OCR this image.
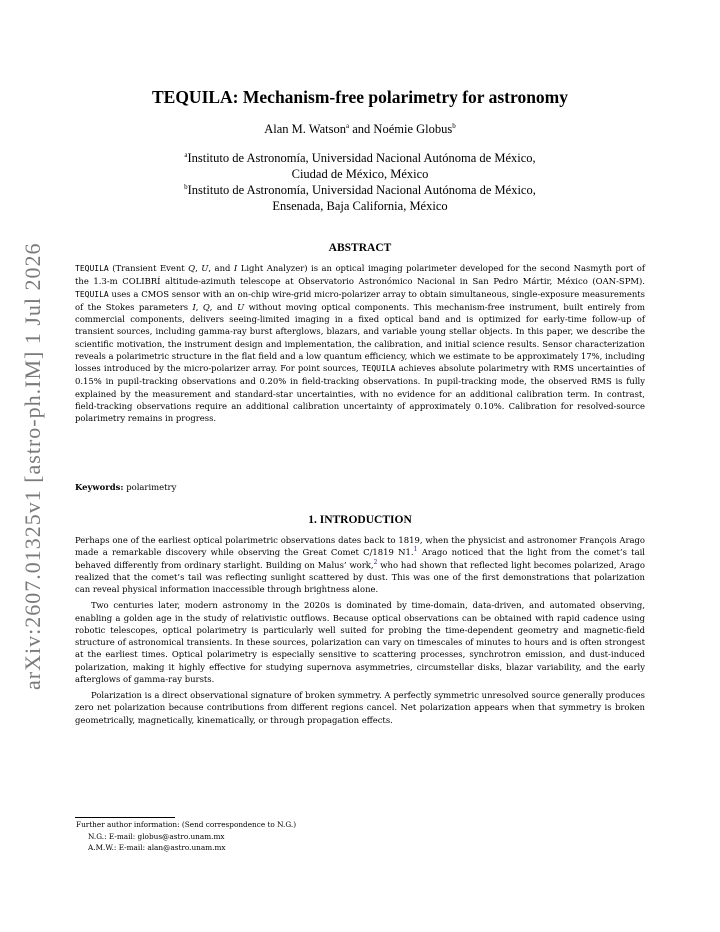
arXiv:2607.01325v1 [astro-ph.IM] 1 Jul 2026
TEQUILA: Mechanism-free polarimetry for astronomy
Alan M. Watson$^a$ and Noémie Globus$^b$
$^a$Instituto de Astronomía, Universidad Nacional Autónoma de México,
Ciudad de México, México
$^b$Instituto de Astronomía, Universidad Nacional Autónoma de México,
Ensenada, Baja California, México
ABSTRACT
TEQUILA (Transient Event Q, U, and I Light Analyzer) is an optical imaging polarimeter developed for the second Nasmyth port of the 1.3-m COLIBRÍ altitude-azimuth telescope at Observatorio Astronómico Nacional in San Pedro Mártir, México (OAN-SPM). TEQUILA uses a CMOS sensor with an on-chip wire-grid micro-polarizer array to obtain simultaneous, single-exposure measurements of the Stokes parameters I, Q, and U without moving optical components. This mechanism-free instrument, built entirely from commercial components, delivers seeing-limited imaging in a fixed optical band and is optimized for early-time follow-up of transient sources, including gamma-ray burst afterglows, blazars, and variable young stellar objects. In this paper, we describe the scientific motivation, the instrument design and implementation, the calibration, and initial science results. Sensor characterization reveals a polarimetric structure in the flat field and a low quantum efficiency, which we estimate to be approximately 17%, including losses introduced by the micro-polarizer array. For point sources, TEQUILA achieves absolute polarimetry with RMS uncertainties of 0.15% in pupil-tracking observations and 0.20% in field-tracking observations. In pupil-tracking mode, the observed RMS is fully explained by the measurement and standard-star uncertainties, with no evidence for an additional calibration term. In contrast, field-tracking observations require an additional calibration uncertainty of approximately 0.10%. Calibration for resolved-source polarimetry remains in progress.
Keywords: polarimetry
1. INTRODUCTION

Perhaps one of the earliest optical polarimetric observations dates back to 1819, when the physicist and astronomer François Arago made a remarkable discovery while observing the Great Comet C/1819 N1.$^1$ Arago noticed that the light from the comet’s tail behaved differently from ordinary starlight. Building on Malus’ work,$^2$ who had shown that reflected light becomes polarized, Arago realized that the comet’s tail was reflecting sunlight scattered by dust. This was one of the first demonstrations that polarization can reveal physical information inaccessible through brightness alone.

Two centuries later, modern astronomy in the 2020s is dominated by time-domain, data-driven, and automated observing, enabling a golden age in the study of relativistic outflows. Because optical observations can be obtained with rapid cadence using robotic telescopes, optical polarimetry is particularly well suited for probing the time-dependent geometry and magnetic-field structure of astronomical transients. In these sources, polarization can vary on timescales of minutes to hours and is often strongest at the earliest times. Optical polarimetry is especially sensitive to scattering processes, synchrotron emission, and dust-induced polarization, making it highly effective for studying supernova asymmetries, circumstellar disks, blazar variability, and the early afterglows of gamma-ray bursts.

Polarization is a direct observational signature of broken symmetry. A perfectly symmetric unresolved source generally produces zero net polarization because contributions from different regions cancel. Net polarization appears when that symmetry is broken geometrically, magnetically, kinematically, or through propagation effects.

Further author information: (Send correspondence to N.G.)
N.G.: E-mail: globus@astro.unam.mx
A.M.W.: E-mail: alan@astro.unam.mx
